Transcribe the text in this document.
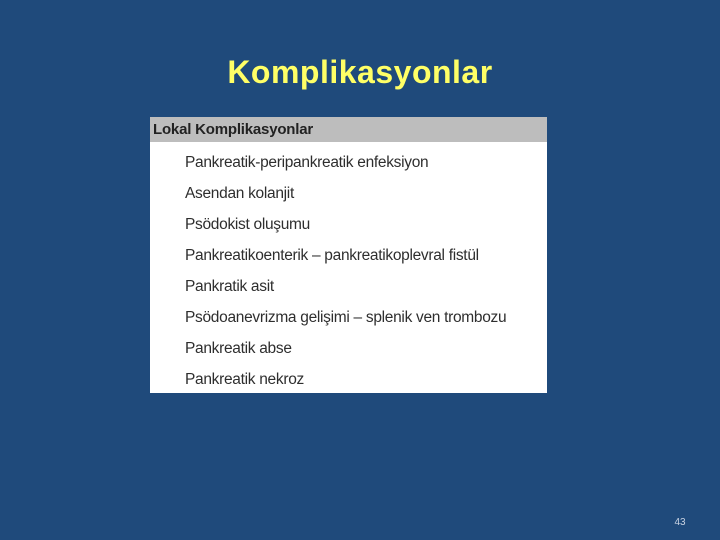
Komplikasyonlar
Lokal Komplikasyonlar
Pankreatik-peripankreatik enfeksiyon
Asendan kolanjit
Psödokist oluşumu
Pankreatikoenterik – pankreatikoplevral fistül
Pankratik asit
Psödoanevrizma gelişimi – splenik ven trombozu
Pankreatik abse
Pankreatik nekroz
43
